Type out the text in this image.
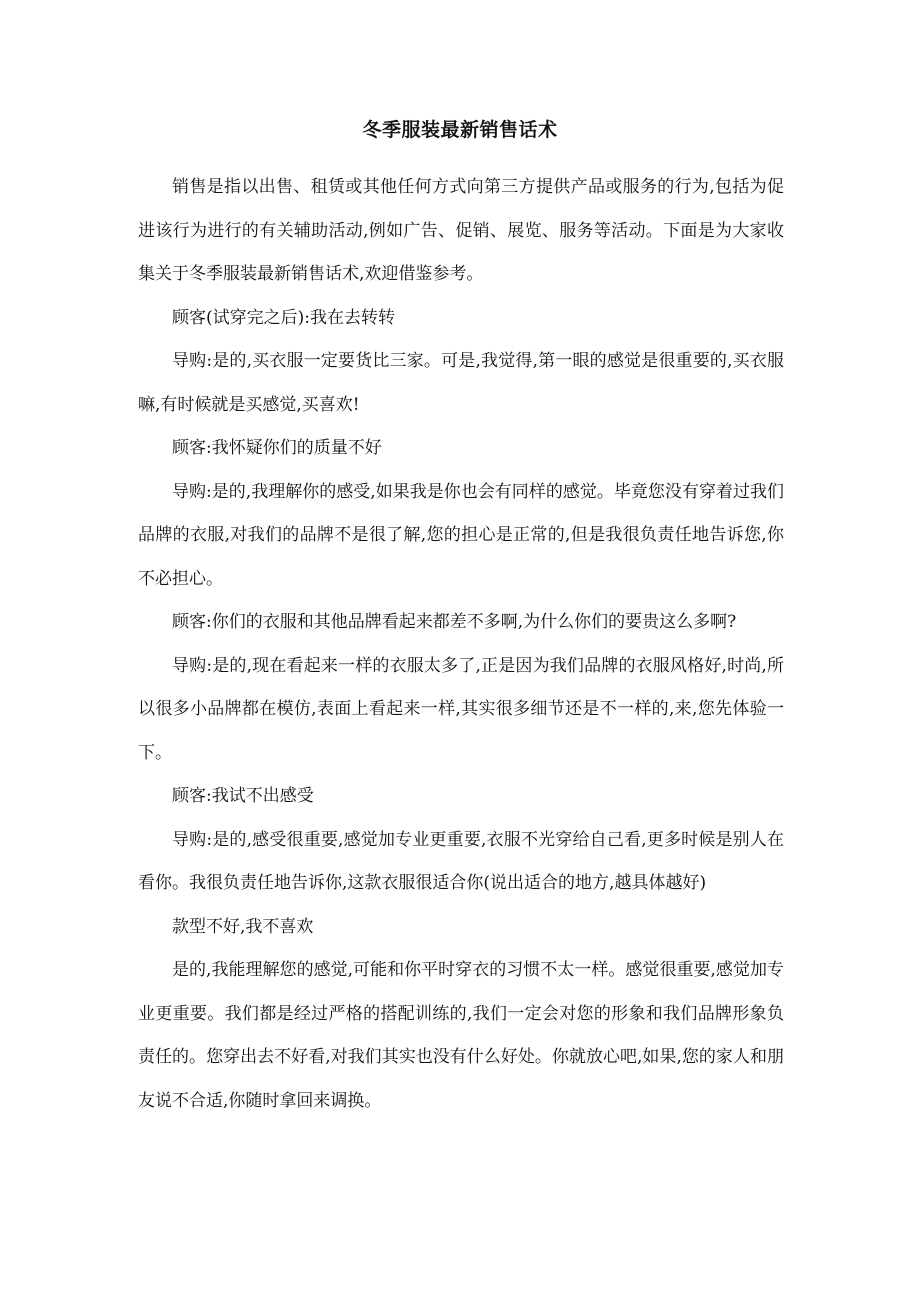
冬季服装最新销售话术

销售是指以出售、租赁或其他任何方式向第三方提供产品或服务的行为,包括为促进该行为进行的有关辅助活动,例如广告、促销、展览、服务等活动。下面是为大家收集关于冬季服装最新销售话术,欢迎借鉴参考。

顾客(试穿完之后):我在去转转

导购:是的,买衣服一定要货比三家。可是,我觉得,第一眼的感觉是很重要的,买衣服嘛,有时候就是买感觉,买喜欢!

顾客:我怀疑你们的质量不好

导购:是的,我理解你的感受,如果我是你也会有同样的感觉。毕竟您没有穿着过我们品牌的衣服,对我们的品牌不是很了解,您的担心是正常的,但是我很负责任地告诉您,你不必担心。

顾客:你们的衣服和其他品牌看起来都差不多啊,为什么你们的要贵这么多啊?

导购:是的,现在看起来一样的衣服太多了,正是因为我们品牌的衣服风格好,时尚,所以很多小品牌都在模仿,表面上看起来一样,其实很多细节还是不一样的,来,您先体验一下。

顾客:我试不出感受

导购:是的,感受很重要,感觉加专业更重要,衣服不光穿给自己看,更多时候是别人在看你。我很负责任地告诉你,这款衣服很适合你(说出适合的地方,越具体越好)

款型不好,我不喜欢

是的,我能理解您的感觉,可能和你平时穿衣的习惯不太一样。感觉很重要,感觉加专业更重要。我们都是经过严格的搭配训练的,我们一定会对您的形象和我们品牌形象负责任的。您穿出去不好看,对我们其实也没有什么好处。你就放心吧,如果,您的家人和朋友说不合适,你随时拿回来调换。
